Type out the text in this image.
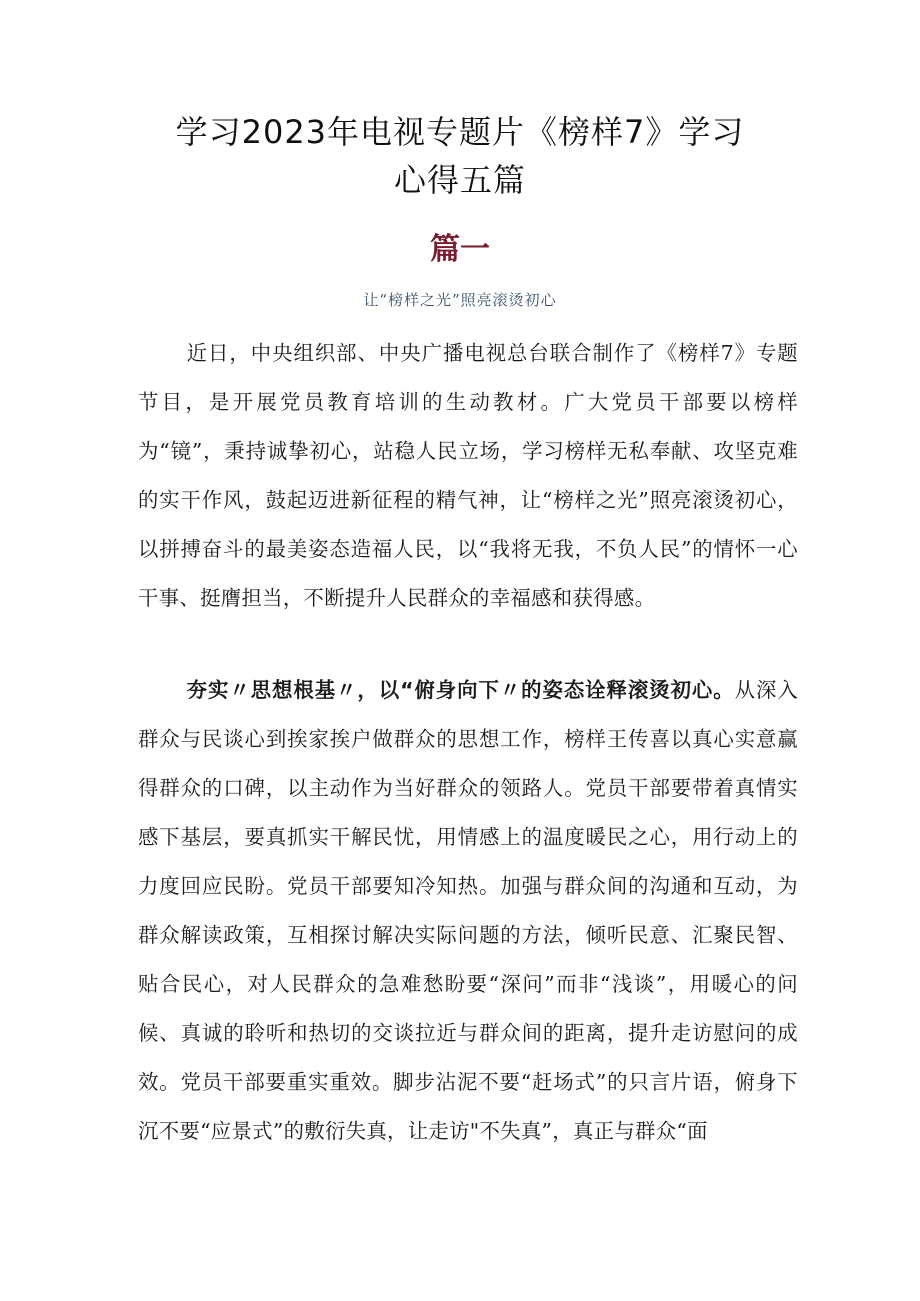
学习2023年电视专题片《榜样7》学习
心得五篇
篇一
让“榜样之光”照亮滚烫初心

近日，中央组织部、中央广播电视总台联合制作了《榜样7》专题节目，是开展党员教育培训的生动教材。广大党员干部要以榜样为“镜”，秉持诚挚初心，站稳人民立场，学习榜样无私奉献、攻坚克难的实干作风，鼓起迈进新征程的精气神，让“榜样之光”照亮滚烫初心，以拼搏奋斗的最美姿态造福人民，以“我将无我，不负人民”的情怀一心干事、挺膺担当，不断提升人民群众的幸福感和获得感。

夯实〃思想根基〃，以“俯身向下〃的姿态诠释滚烫初心。从深入群众与民谈心到挨家挨户做群众的思想工作，榜样王传喜以真心实意赢得群众的口碑，以主动作为当好群众的领路人。党员干部要带着真情实感下基层，要真抓实干解民忧，用情感上的温度暖民之心，用行动上的力度回应民盼。党员干部要知冷知热。加强与群众间的沟通和互动，为群众解读政策，互相探讨解决实际问题的方法，倾听民意、汇聚民智、贴合民心，对人民群众的急难愁盼要“深问”而非“浅谈”，用暖心的问候、真诚的聆听和热切的交谈拉近与群众间的距离，提升走访慰问的成效。党员干部要重实重效。脚步沾泥不要“赶场式”的只言片语，俯身下沉不要“应景式”的敷衍失真，让走访"不失真”，真正与群众“面
